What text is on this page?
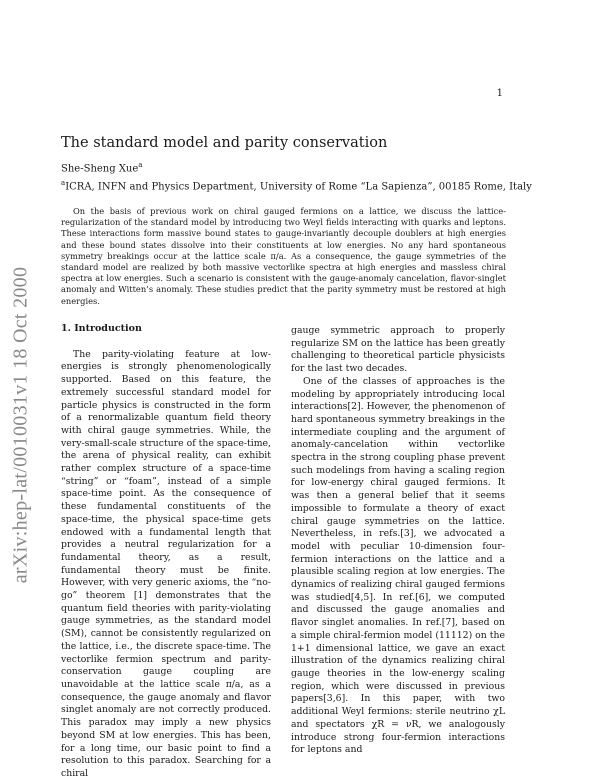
1
arXiv:hep-lat/0010031v1 18 Oct 2000
The standard model and parity conservation
She-Sheng Xue$^a$
$^a$ICRA, INFN and Physics Department, University of Rome “La Sapienza”, 00185 Rome, Italy

On the basis of previous work on chiral gauged fermions on a lattice, we discuss the lattice-regularization of the standard model by introducing two Weyl fields interacting with quarks and leptons. These interactions form massive bound states to gauge-invariantly decouple doublers at high energies and these bound states dissolve into their constituents at low energies. No any hard spontaneous symmetry breakings occur at the lattice scale π/a. As a consequence, the gauge symmetries of the standard model are realized by both massive vectorlike spectra at high energies and massless chiral spectra at low energies. Such a scenario is consistent with the gauge-anomaly cancelation, flavor-singlet anomaly and Witten’s anomaly. These studies predict that the parity symmetry must be restored at high energies.

1. Introduction

The parity-violating feature at low-energies is strongly phenomenologically supported. Based on this feature, the extremely successful standard model for particle physics is constructed in the form of a renormalizable quantum field theory with chiral gauge symmetries. While, the very-small-scale structure of the space-time, the arena of physical reality, can exhibit rather complex structure of a space-time “string” or “foam”, instead of a simple space-time point. As the consequence of these fundamental constituents of the space-time, the physical space-time gets endowed with a fundamental length that provides a neutral regularization for a fundamental theory, as a result, fundamental theory must be finite. However, with very generic axioms, the “no-go” theorem [1] demonstrates that the quantum field theories with parity-violating gauge symmetries, as the standard model (SM), cannot be consistently regularized on the lattice, i.e., the discrete space-time. The vectorlike fermion spectrum and parity-conservation gauge coupling are unavoidable at the lattice scale π/a, as a consequence, the gauge anomaly and flavor singlet anomaly are not correctly produced. This paradox may imply a new physics beyond SM at low energies. This has been, for a long time, our basic point to find a resolution to this paradox. Searching for a chiral

gauge symmetric approach to properly regularize SM on the lattice has been greatly challenging to theoretical particle physicists for the last two decades.

One of the classes of approaches is the modeling by appropriately introducing local interactions[2]. However, the phenomenon of hard spontaneous symmetry breakings in the intermediate coupling and the argument of anomaly-cancelation within vectorlike spectra in the strong coupling phase prevent such modelings from having a scaling region for low-energy chiral gauged fermions. It was then a general belief that it seems impossible to formulate a theory of exact chiral gauge symmetries on the lattice. Nevertheless, in refs.[3], we advocated a model with peculiar 10-dimension four-fermion interactions on the lattice and a plausible scaling region at low energies. The dynamics of realizing chiral gauged fermions was studied[4,5]. In ref.[6], we computed and discussed the gauge anomalies and flavor singlet anomalies. In ref.[7], based on a simple chiral-fermion model (11112) on the 1+1 dimensional lattice, we gave an exact illustration of the dynamics realizing chiral gauge theories in the low-energy scaling region, which were discussed in previous papers[3,6]. In this paper, with two additional Weyl fermions: sterile neutrino χL and spectators χR = νR, we analogously introduce strong four-fermion interactions for leptons and
